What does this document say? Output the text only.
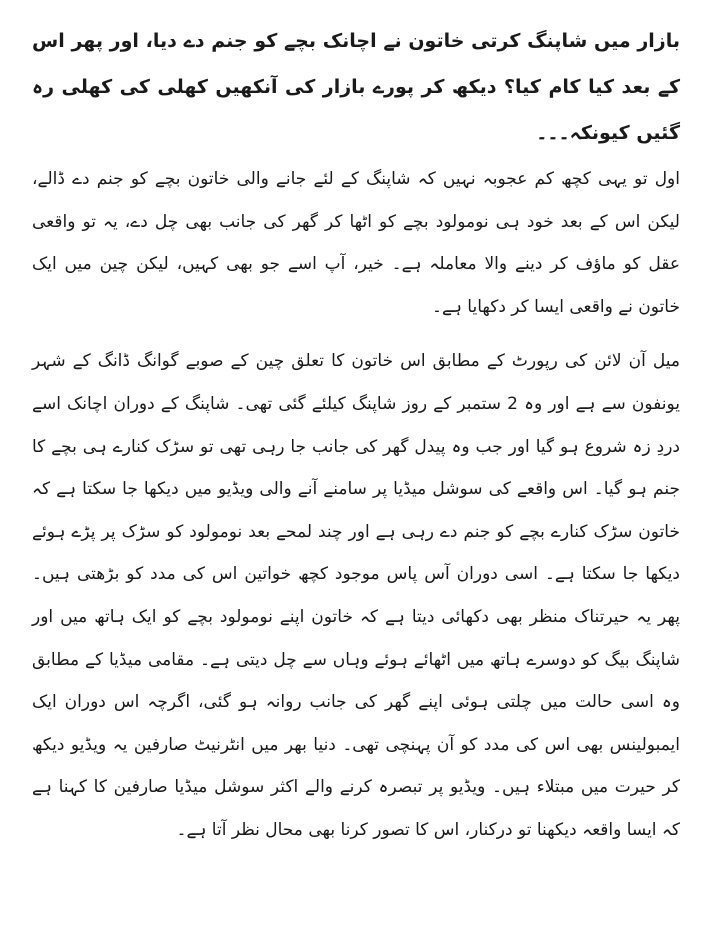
بازار میں شاپنگ کرتی خاتون نے اچانک بچے کو جنم دے دیا، اور پھر اس کے بعد کیا کام کیا؟ دیکھ کر پورے بازار کی آنکھیں کھلی کی کھلی رہ گئیں کیونکہ۔۔۔

اول تو یہی کچھ کم عجوبہ نہیں کہ شاپنگ کے لئے جانے والی خاتون بچے کو جنم دے ڈالے، لیکن اس کے بعد خود ہی نومولود بچے کو اٹھا کر گھر کی جانب بھی چل دے، یہ تو واقعی عقل کو ماؤف کر دینے والا معاملہ ہے۔ خیر، آپ اسے جو بھی کہیں، لیکن چین میں ایک خاتون نے واقعی ایسا کر دکھایا ہے۔

میل آن لائن کی رپورٹ کے مطابق اس خاتون کا تعلق چین کے صوبے گوانگ ڈانگ کے شہر یونفون سے ہے اور وہ 2 ستمبر کے روز شاپنگ کیلئے گئی تھی۔ شاپنگ کے دوران اچانک اسے دردِ زہ شروع ہو گیا اور جب وہ پیدل گھر کی جانب جا رہی تھی تو سڑک کنارے ہی بچے کا جنم ہو گیا۔ اس واقعے کی سوشل میڈیا پر سامنے آنے والی ویڈیو میں دیکھا جا سکتا ہے کہ خاتون سڑک کنارے بچے کو جنم دے رہی ہے اور چند لمحے بعد نومولود کو سڑک پر پڑے ہوئے دیکھا جا سکتا ہے۔ اسی دوران آس پاس موجود کچھ خواتین اس کی مدد کو بڑھتی ہیں۔ پھر یہ حیرتناک منظر بھی دکھائی دیتا ہے کہ خاتون اپنے نومولود بچے کو ایک ہاتھ میں اور شاپنگ بیگ کو دوسرے ہاتھ میں اٹھائے ہوئے وہاں سے چل دیتی ہے۔ مقامی میڈیا کے مطابق وہ اسی حالت میں چلتی ہوئی اپنے گھر کی جانب روانہ ہو گئی، اگرچہ اس دوران ایک ایمبولینس بھی اس کی مدد کو آن پہنچی تھی۔ دنیا بھر میں انٹرنیٹ صارفین یہ ویڈیو دیکھ کر حیرت میں مبتلاء ہیں۔ ویڈیو پر تبصرہ کرنے والے اکثر سوشل میڈیا صارفین کا کہنا ہے کہ ایسا واقعہ دیکھنا تو درکنار، اس کا تصور کرنا بھی محال نظر آتا ہے۔
